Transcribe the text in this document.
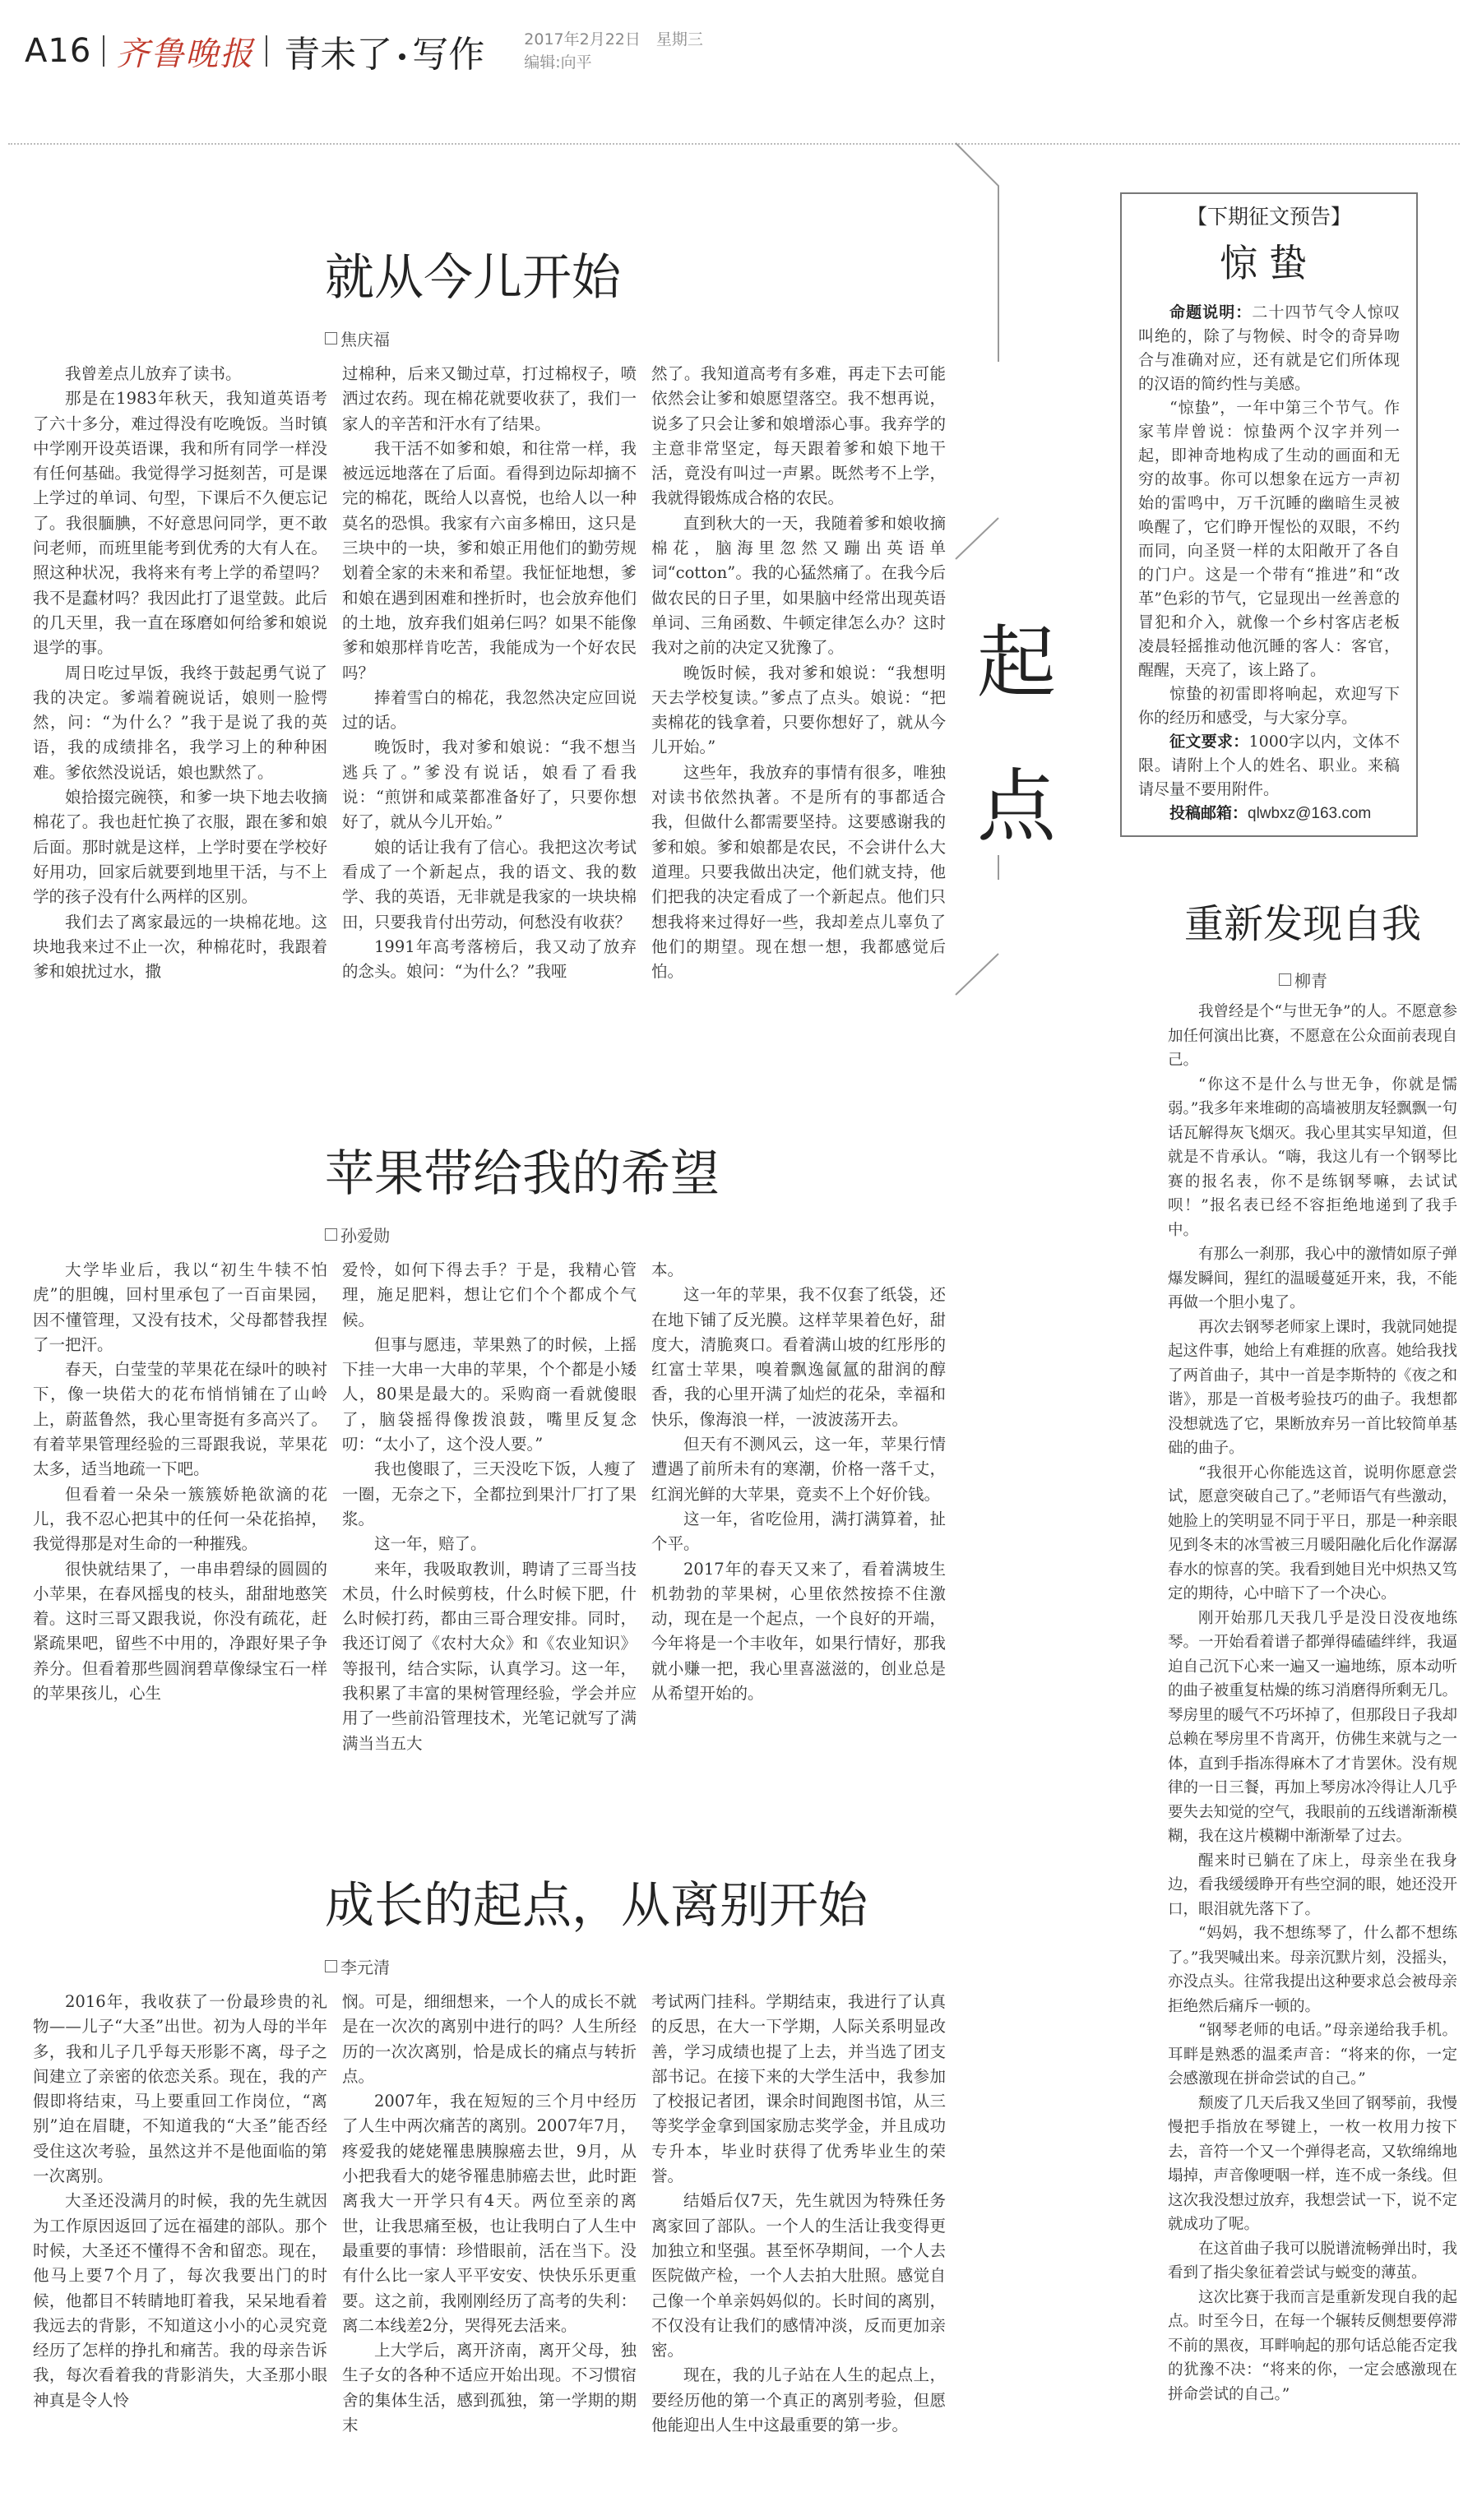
A16 齐鲁晚报 青未了 写作	2017年2月22日　星期三
编辑:向平
起
点
就从今儿开始
焦庆福

我曾差点儿放弃了读书。

那是在1983年秋天，我知道英语考了六十多分，难过得没有吃晚饭。当时镇中学刚开设英语课，我和所有同学一样没有任何基础。我觉得学习挺刻苦，可是课上学过的单词、句型，下课后不久便忘记了。我很腼腆，不好意思问同学，更不敢问老师，而班里能考到优秀的大有人在。照这种状况，我将来有考上学的希望吗？我不是蠢材吗？我因此打了退堂鼓。此后的几天里，我一直在琢磨如何给爹和娘说退学的事。

周日吃过早饭，我终于鼓起勇气说了我的决定。爹端着碗说话，娘则一脸愕然，问：“为什么？”我于是说了我的英语，我的成绩排名，我学习上的种种困难。爹依然没说话，娘也默然了。

娘拾掇完碗筷，和爹一块下地去收摘棉花了。我也赶忙换了衣服，跟在爹和娘后面。那时就是这样，上学时要在学校好好用功，回家后就要到地里干活，与不上学的孩子没有什么两样的区别。

我们去了离家最远的一块棉花地。这块地我来过不止一次，种棉花时，我跟着爹和娘扰过水，撒

过棉种，后来又锄过草，打过棉杈子，喷洒过农药。现在棉花就要收获了，我们一家人的辛苦和汗水有了结果。

我干活不如爹和娘，和往常一样，我被远远地落在了后面。看得到边际却摘不完的棉花，既给人以喜悦，也给人以一种莫名的恐惧。我家有六亩多棉田，这只是三块中的一块，爹和娘正用他们的勤劳规划着全家的未来和希望。我怔怔地想，爹和娘在遇到困难和挫折时，也会放弃他们的土地，放弃我们姐弟仨吗？如果不能像爹和娘那样肯吃苦，我能成为一个好农民吗？

捧着雪白的棉花，我忽然决定应回说过的话。

晚饭时，我对爹和娘说：“我不想当逃兵了。”爹没有说话，娘看了看我说：“煎饼和咸菜都准备好了，只要你想好了，就从今儿开始。”

娘的话让我有了信心。我把这次考试看成了一个新起点，我的语文、我的数学、我的英语，无非就是我家的一块块棉田，只要我肯付出劳动，何愁没有收获？

1991年高考落榜后，我又动了放弃的念头。娘问：“为什么？”我哑

然了。我知道高考有多难，再走下去可能依然会让爹和娘愿望落空。我不想再说，说多了只会让爹和娘增添心事。我弃学的主意非常坚定，每天跟着爹和娘下地干活，竟没有叫过一声累。既然考不上学，我就得锻炼成合格的农民。

直到秋大的一天，我随着爹和娘收摘棉花，脑海里忽然又蹦出英语单词“cotton”。我的心猛然痛了。在我今后做农民的日子里，如果脑中经常出现英语单词、三角函数、牛顿定律怎么办？这时我对之前的决定又犹豫了。

晚饭时候，我对爹和娘说：“我想明天去学校复读。”爹点了点头。娘说：“把卖棉花的钱拿着，只要你想好了，就从今儿开始。”

这些年，我放弃的事情有很多，唯独对读书依然执著。不是所有的事都适合我，但做什么都需要坚持。这要感谢我的爹和娘。爹和娘都是农民，不会讲什么大道理。只要我做出决定，他们就支持，他们把我的决定看成了一个新起点。他们只想我将来过得好一些，我却差点儿辜负了他们的期望。现在想一想，我都感觉后怕。

苹果带给我的希望
孙爱勋

大学毕业后，我以“初生牛犊不怕虎”的胆魄，回村里承包了一百亩果园，因不懂管理，又没有技术，父母都替我捏了一把汗。

春天，白莹莹的苹果花在绿叶的映衬下，像一块偌大的花布悄悄铺在了山岭上，蔚蓝鲁然，我心里寄挺有多高兴了。有着苹果管理经验的三哥跟我说，苹果花太多，适当地疏一下吧。

但看着一朵朵一簇簇娇艳欲滴的花儿，我不忍心把其中的任何一朵花掐掉，我觉得那是对生命的一种摧残。

很快就结果了，一串串碧绿的圆圆的小苹果，在春风摇曳的枝头，甜甜地憨笑着。这时三哥又跟我说，你没有疏花，赶紧疏果吧，留些不中用的，净跟好果子争养分。但看着那些圆润碧草像绿宝石一样的苹果孩儿，心生

爱怜，如何下得去手？于是，我精心管理，施足肥料，想让它们个个都成个气候。

但事与愿违，苹果熟了的时候，上摇下挂一大串一大串的苹果，个个都是小矮人，80果是最大的。采购商一看就傻眼了，脑袋摇得像拨浪鼓，嘴里反复念叨：“太小了，这个没人要。”

我也傻眼了，三天没吃下饭，人瘦了一圈，无奈之下，全都拉到果汁厂打了果浆。

这一年，赔了。

来年，我吸取教训，聘请了三哥当技术员，什么时候剪枝，什么时候下肥，什么时候打药，都由三哥合理安排。同时，我还订阅了《农村大众》和《农业知识》等报刊，结合实际，认真学习。这一年，我积累了丰富的果树管理经验，学会并应用了一些前沿管理技术，光笔记就写了满满当当五大

本。

这一年的苹果，我不仅套了纸袋，还在地下铺了反光膜。这样苹果着色好，甜度大，清脆爽口。看着满山坡的红彤彤的红富士苹果，嗅着飘逸氤氲的甜润的醇香，我的心里开满了灿烂的花朵，幸福和快乐，像海浪一样，一波波荡开去。

但天有不测风云，这一年，苹果行情遭遇了前所未有的寒潮，价格一落千丈，红润光鲜的大苹果，竟卖不上个好价钱。

这一年，省吃俭用，满打满算着，扯个平。

2017年的春天又来了，看着满坡生机勃勃的苹果树，心里依然按捺不住激动，现在是一个起点，一个良好的开端，今年将是一个丰收年，如果行情好，那我就小赚一把，我心里喜滋滋的，创业总是从希望开始的。

成长的起点，从离别开始
李元清

2016年，我收获了一份最珍贵的礼物——儿子“大圣”出世。初为人母的半年多，我和儿子几乎每天形影不离，母子之间建立了亲密的依恋关系。现在，我的产假即将结束，马上要重回工作岗位，“离别”迫在眉睫，不知道我的“大圣”能否经受住这次考验，虽然这并不是他面临的第一次离别。

大圣还没满月的时候，我的先生就因为工作原因返回了远在福建的部队。那个时候，大圣还不懂得不舍和留恋。现在，他马上要7个月了，每次我要出门的时候，他都目不转睛地盯着我，呆呆地看着我远去的背影，不知道这小小的心灵究竟经历了怎样的挣扎和痛苦。我的母亲告诉我，每次看着我的背影消失，大圣那小眼神真是令人怜

悯。可是，细细想来，一个人的成长不就是在一次次的离别中进行的吗？人生所经历的一次次离别，恰是成长的痛点与转折点。

2007年，我在短短的三个月中经历了人生中两次痛苦的离别。2007年7月，疼爱我的姥姥罹患胰腺癌去世，9月，从小把我看大的姥爷罹患肺癌去世，此时距离我大一开学只有4天。两位至亲的离世，让我思痛至极，也让我明白了人生中最重要的事情：珍惜眼前，活在当下。没有什么比一家人平平安安、快快乐乐更重要。这之前，我刚刚经历了高考的失利：离二本线差2分，哭得死去活来。

上大学后，离开济南，离开父母，独生子女的各种不适应开始出现。不习惯宿舍的集体生活，感到孤独，第一学期的期末

考试两门挂科。学期结束，我进行了认真的反思，在大一下学期，人际关系明显改善，学习成绩也提了上去，并当选了团支部书记。在接下来的大学生活中，我参加了校报记者团，课余时间跑图书馆，从三等奖学金拿到国家励志奖学金，并且成功专升本，毕业时获得了优秀毕业生的荣誉。

结婚后仅7天，先生就因为特殊任务离家回了部队。一个人的生活让我变得更加独立和坚强。甚至怀孕期间，一个人去医院做产检，一个人去拍大肚照。感觉自己像一个单亲妈妈似的。长时间的离别，不仅没有让我们的感情冲淡，反而更加亲密。

现在，我的儿子站在人生的起点上，要经历他的第一个真正的离别考验，但愿他能迎出人生中这最重要的第一步。

【下期征文预告】
惊蛰

命题说明：二十四节气令人惊叹叫绝的，除了与物候、时令的奇异吻合与准确对应，还有就是它们所体现的汉语的简约性与美感。

“惊蛰”，一年中第三个节气。作家苇岸曾说：惊蛰两个汉字并列一起，即神奇地构成了生动的画面和无穷的故事。你可以想象在远方一声初始的雷鸣中，万千沉睡的幽暗生灵被唤醒了，它们睁开惺忪的双眼，不约而同，向圣贤一样的太阳敞开了各自的门户。这是一个带有“推进”和“改革”色彩的节气，它显现出一丝善意的冒犯和介入，就像一个乡村客店老板凌晨轻摇推动他沉睡的客人：客官，醒醒，天亮了，该上路了。

惊蛰的初雷即将响起，欢迎写下你的经历和感受，与大家分享。

征文要求：1000字以内，文体不限。请附上个人的姓名、职业。来稿请尽量不要用附件。

投稿邮箱：qlwbxz@163.com

重新发现自我
柳青

我曾经是个“与世无争”的人。不愿意参加任何演出比赛，不愿意在公众面前表现自己。

“你这不是什么与世无争，你就是懦弱。”我多年来堆砌的高墙被朋友轻飘飘一句话瓦解得灰飞烟灭。我心里其实早知道，但就是不肯承认。“嗨，我这儿有一个钢琴比赛的报名表，你不是练钢琴嘛，去试试呗！”报名表已经不容拒绝地递到了我手中。

有那么一刹那，我心中的激情如原子弹爆发瞬间，猩红的温暖蔓延开来，我，不能再做一个胆小鬼了。

再次去钢琴老师家上课时，我就同她提起这件事，她给上有难捱的欣喜。她给我找了两首曲子，其中一首是李斯特的《夜之和谐》，那是一首极考验技巧的曲子。我想都没想就选了它，果断放弃另一首比较简单基础的曲子。

“我很开心你能选这首，说明你愿意尝试，愿意突破自己了。”老师语气有些激动，她脸上的笑明显不同于平日，那是一种亲眼见到冬末的冰雪被三月暖阳融化后化作潺潺春水的惊喜的笑。我看到她目光中炽热又笃定的期待，心中暗下了一个决心。

刚开始那几天我几乎是没日没夜地练琴。一开始看着谱子都弹得磕磕绊绊，我逼迫自己沉下心来一遍又一遍地练，原本动听的曲子被重复枯燥的练习消磨得所剩无几。琴房里的暖气不巧坏掉了，但那段日子我却总赖在琴房里不肯离开，仿佛生来就与之一体，直到手指冻得麻木了才肯罢休。没有规律的一日三餐，再加上琴房冰冷得让人几乎要失去知觉的空气，我眼前的五线谱渐渐模糊，我在这片模糊中渐渐晕了过去。

醒来时已躺在了床上，母亲坐在我身边，看我缓缓睁开有些空洞的眼，她还没开口，眼泪就先落下了。

“妈妈，我不想练琴了，什么都不想练了。”我哭喊出来。母亲沉默片刻，没摇头，亦没点头。往常我提出这种要求总会被母亲拒绝然后痛斥一顿的。

“钢琴老师的电话。”母亲递给我手机。耳畔是熟悉的温柔声音：“将来的你，一定会感激现在拼命尝试的自己。”

颓废了几天后我又坐回了钢琴前，我慢慢把手指放在琴键上，一枚一枚用力按下去，音符一个又一个弹得老高，又软绵绵地塌掉，声音像哽咽一样，连不成一条线。但这次我没想过放弃，我想尝试一下，说不定就成功了呢。

在这首曲子我可以脱谱流畅弹出时，我看到了指尖象征着尝试与蜕变的薄茧。

这次比赛于我而言是重新发现自我的起点。时至今日，在每一个辗转反侧想要停滞不前的黑夜，耳畔响起的那句话总能否定我的犹豫不决：“将来的你，一定会感激现在拼命尝试的自己。”
